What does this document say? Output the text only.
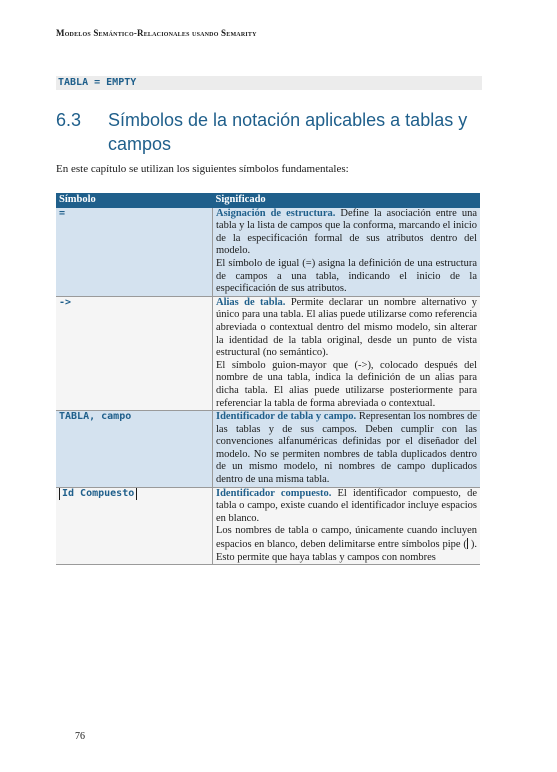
Modelos Semántico-Relacionales usando Semarity
TABLA = EMPTY
6.3 Símbolos de la notación aplicables a tablas y campos
En este capítulo se utilizan los siguientes símbolos fundamentales:
Símbolo	Significado
=	Asignación de estructura. Define la asociación entre una tabla y la lista de campos que la conforma, marcando el inicio de la especificación formal de sus atributos dentro del modelo.

El símbolo de igual (=) asigna la definición de una estructura de campos a una tabla, indicando el inicio de la especificación de sus atributos.

->	Alias de tabla. Permite declarar un nombre alternativo y único para una tabla. El alias puede utilizarse como referencia abreviada o contextual dentro del mismo modelo, sin alterar la identidad de la tabla original, desde un punto de vista estructural (no semántico).

El símbolo guion-mayor que (->), colocado después del nombre de una tabla, indica la definición de un alias para dicha tabla. El alias puede utilizarse posteriormente para referenciar la tabla de forma abreviada o contextual.

TABLA, campo	Identificador de tabla y campo. Representan los nombres de las tablas y de sus campos. Deben cumplir con las convenciones alfanuméricas definidas por el diseñador del modelo. No se permiten nombres de tabla duplicados dentro de un mismo modelo, ni nombres de campo duplicados dentro de una misma tabla.

Id Compuesto	Identificador compuesto. El identificador compuesto, de tabla o campo, existe cuando el identificador incluye espacios en blanco.

Los nombres de tabla o campo, únicamente cuando incluyen espacios en blanco, deben delimitarse entre símbolos pipe ( ). Esto permite que haya tablas y campos con nombres

76
